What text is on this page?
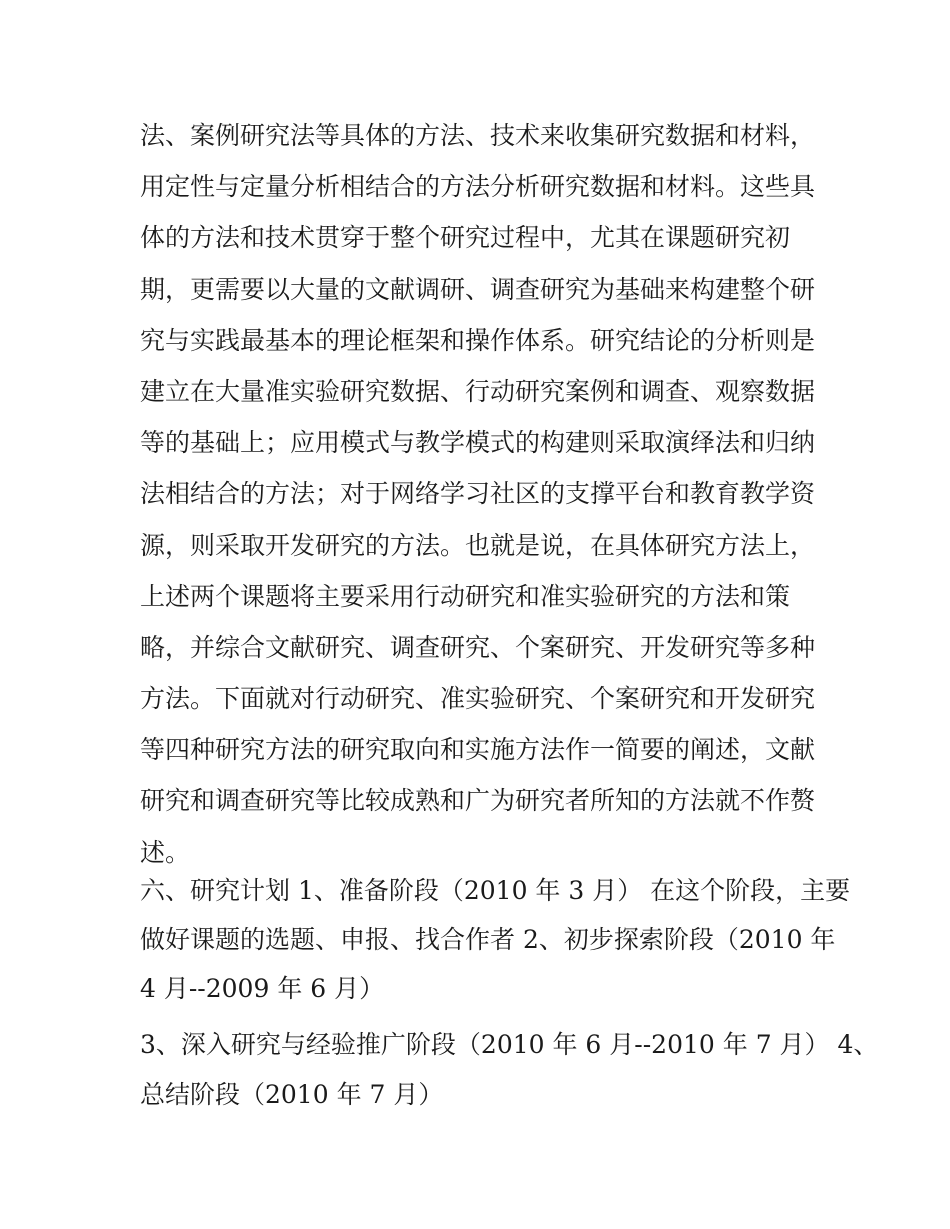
法、案例研究法等具体的方法、技术来收集研究数据和材料，
用定性与定量分析相结合的方法分析研究数据和材料。这些具
体的方法和技术贯穿于整个研究过程中，尤其在课题研究初
期，更需要以大量的文献调研、调查研究为基础来构建整个研
究与实践最基本的理论框架和操作体系。研究结论的分析则是
建立在大量准实验研究数据、行动研究案例和调查、观察数据
等的基础上；应用模式与教学模式的构建则采取演绎法和归纳
法相结合的方法；对于网络学习社区的支撑平台和教育教学资
源，则采取开发研究的方法。也就是说，在具体研究方法上，
上述两个课题将主要采用行动研究和准实验研究的方法和策
略，并综合文献研究、调查研究、个案研究、开发研究等多种
方法。下面就对行动研究、准实验研究、个案研究和开发研究
等四种研究方法的研究取向和实施方法作一简要的阐述，文献
研究和调查研究等比较成熟和广为研究者所知的方法就不作赘
述。
六、研究计划 1、准备阶段（2010 年 3 月） 在这个阶段，主要
做好课题的选题、申报、找合作者 2、初步探索阶段（2010 年
4 月--2009 年 6 月）
3、深入研究与经验推广阶段（2010 年 6 月--2010 年 7 月） 4、
总结阶段（2010 年 7 月）
